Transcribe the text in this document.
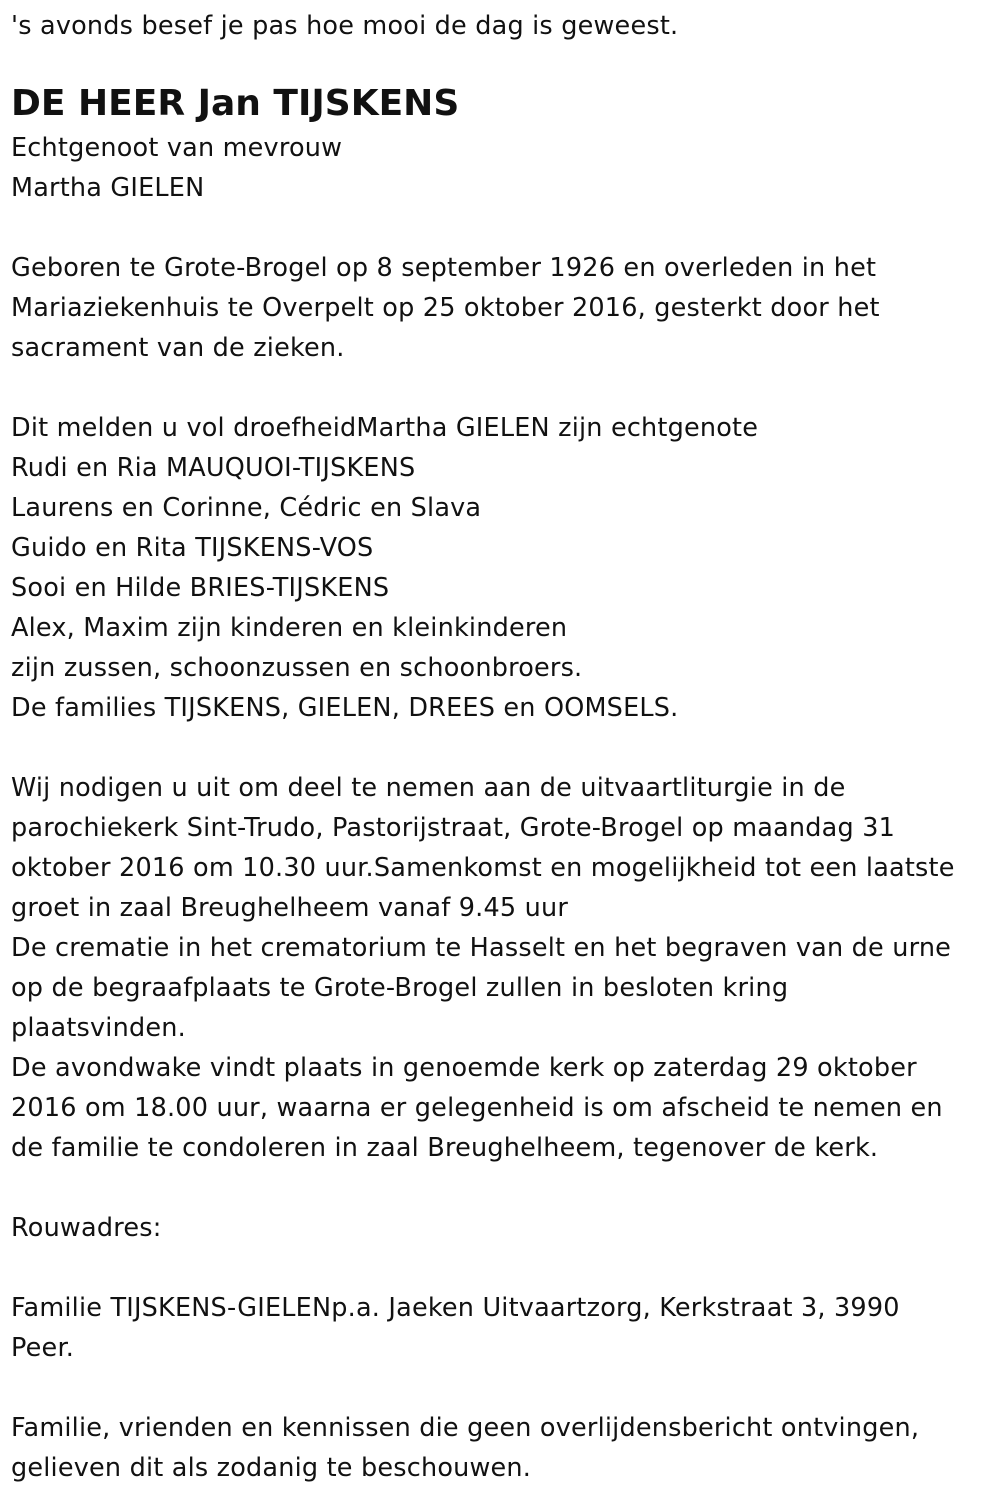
's avonds besef je pas hoe mooi de dag is geweest.
DE HEER Jan TIJSKENS
Echtgenoot van mevrouw
Martha GIELEN
Geboren te Grote-Brogel op 8 september 1926 en overleden in het
Mariaziekenhuis te Overpelt op 25 oktober 2016, gesterkt door het
sacrament van de zieken.
Dit melden u vol droefheidMartha GIELEN zijn echtgenote
Rudi en Ria MAUQUOI-TIJSKENS
Laurens en Corinne, Cédric en Slava
Guido en Rita TIJSKENS-VOS
Sooi en Hilde BRIES-TIJSKENS
Alex, Maxim zijn kinderen en kleinkinderen
zijn zussen, schoonzussen en schoonbroers.
De families TIJSKENS, GIELEN, DREES en OOMSELS.
Wij nodigen u uit om deel te nemen aan de uitvaartliturgie in de
parochiekerk Sint-Trudo, Pastorijstraat, Grote-Brogel op maandag 31
oktober 2016 om 10.30 uur.Samenkomst en mogelijkheid tot een laatste
groet in zaal Breughelheem vanaf 9.45 uur
De crematie in het crematorium te Hasselt en het begraven van de urne
op de begraafplaats te Grote-Brogel zullen in besloten kring
plaatsvinden.
De avondwake vindt plaats in genoemde kerk op zaterdag 29 oktober
2016 om 18.00 uur, waarna er gelegenheid is om afscheid te nemen en
de familie te condoleren in zaal Breughelheem, tegenover de kerk.
Rouwadres:
Familie TIJSKENS-GIELENp.a. Jaeken Uitvaartzorg, Kerkstraat 3, 3990
Peer.
Familie, vrienden en kennissen die geen overlijdensbericht ontvingen,
gelieven dit als zodanig te beschouwen.
